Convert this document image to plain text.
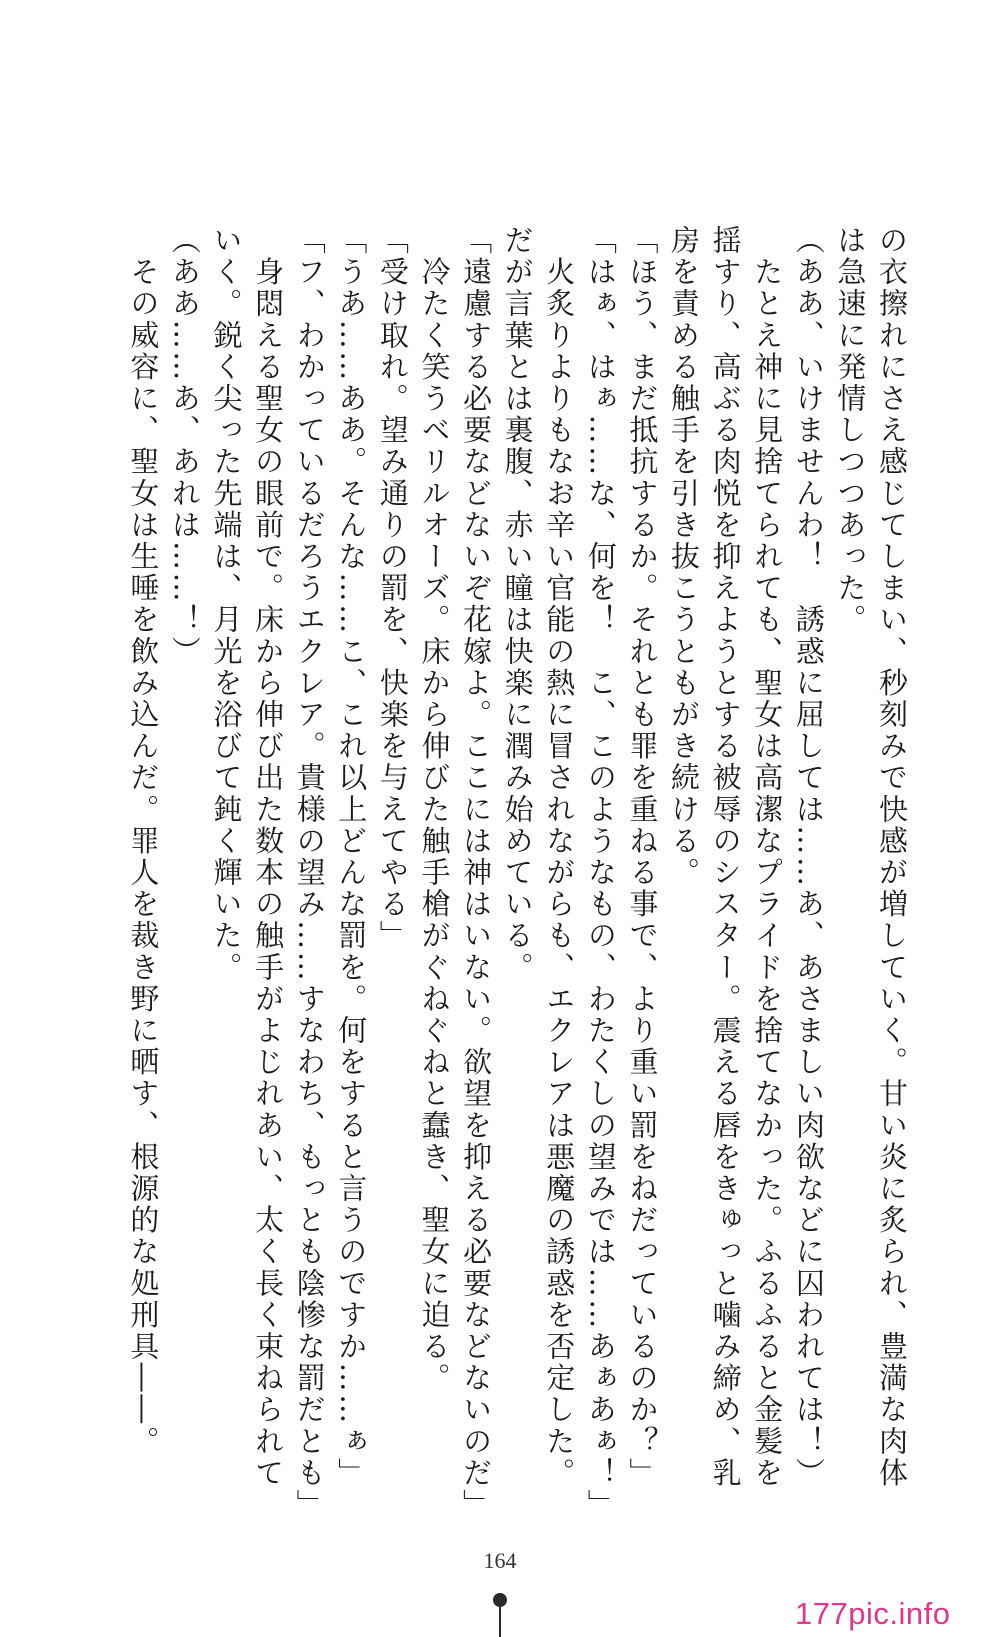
の衣擦れにさえ感じてしまい、秒刻みで快感が増していく。甘い炎に炙られ、豊満な肉体
は急速に発情しつつあった。
（ああ、いけませんわ！　誘惑に屈しては……あ、あさましい肉欲などに囚われては！）
　たとえ神に見捨てられても、聖女は高潔なプライドを捨てなかった。ふるふると金髪を
揺すり、高ぶる肉悦を抑えようとする被辱のシスター。震える唇をきゅっと噛み締め、乳
房を責める触手を引き抜こうともがき続ける。
「ほう、まだ抵抗するか。それとも罪を重ねる事で、より重い罰をねだっているのか？」
「はぁ、はぁ……な、何を！　こ、このようなもの、わたくしの望みでは……あぁあぁ！」
　火炙りよりもなお辛い官能の熱に冒されながらも、エクレアは悪魔の誘惑を否定した。
だが言葉とは裏腹、赤い瞳は快楽に潤み始めている。
「遠慮する必要などないぞ花嫁よ。ここには神はいない。欲望を抑える必要などないのだ」
　冷たく笑うベリルオーズ。床から伸びた触手槍がぐねぐねと蠢き、聖女に迫る。
「受け取れ。望み通りの罰を、快楽を与えてやる」
「うあ……ああ。そんな……こ、これ以上どんな罰を。何をすると言うのですか……ぁ」
「フ、わかっているだろうエクレア。貴様の望み……すなわち、もっとも陰惨な罰だとも」
　身悶える聖女の眼前で。床から伸び出た数本の触手がよじれあい、太く長く束ねられて
いく。鋭く尖った先端は、月光を浴びて鈍く輝いた。
（ああ……あ、あれは……！）
　その威容に、聖女は生唾を飲み込んだ。罪人を裁き野に晒す、根源的な処刑具――。
164
177pic.info
